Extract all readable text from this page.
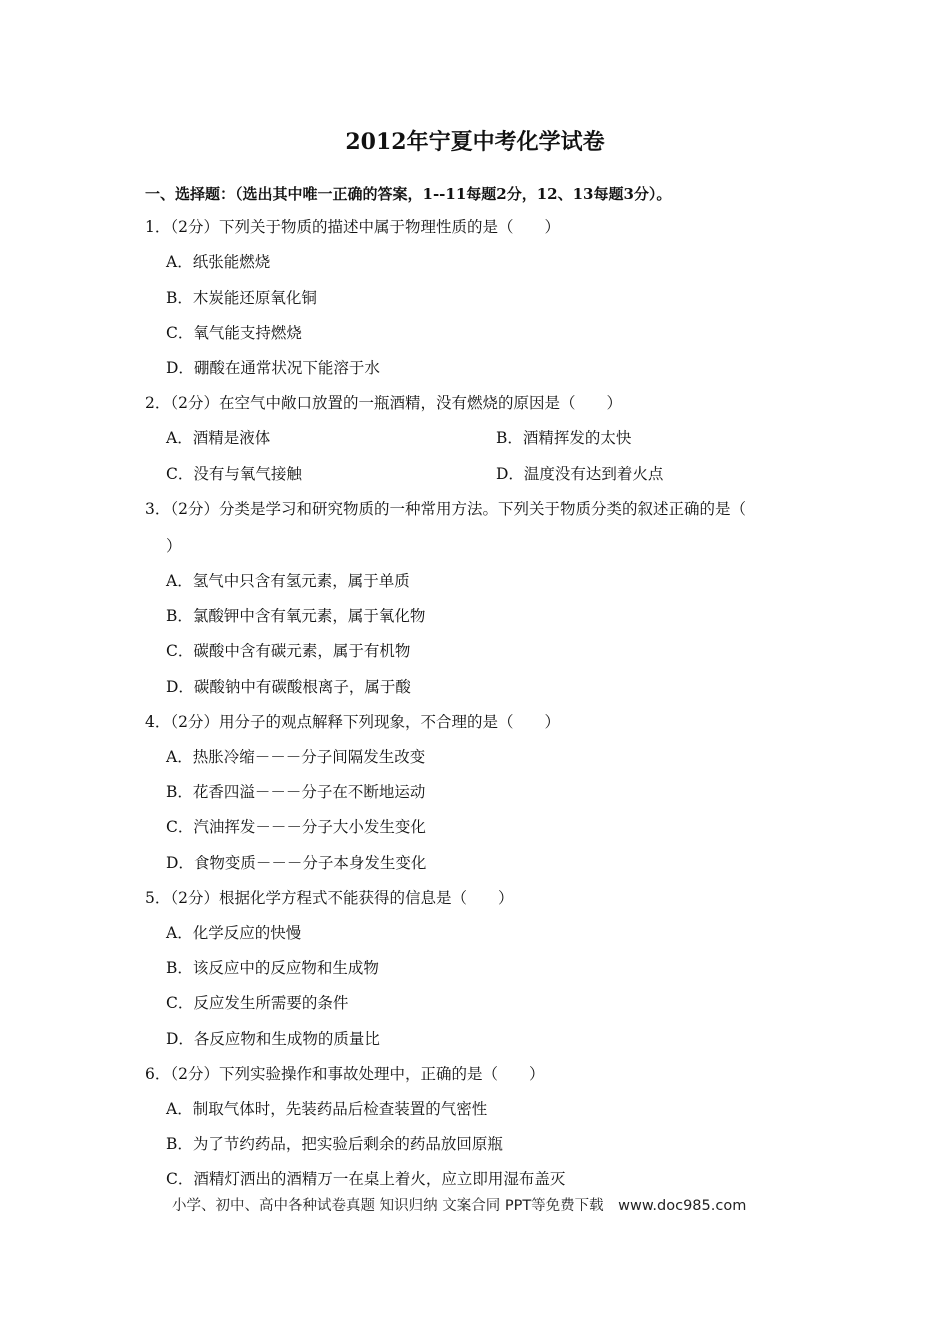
2012年宁夏中考化学试卷
一、选择题：（选出其中唯一正确的答案，1--11每题2分，12、13每题3分）。
1．（2分）下列关于物质的描述中属于物理性质的是（　　）
A．纸张能燃烧
B．木炭能还原氧化铜
C．氧气能支持燃烧
D．硼酸在通常状况下能溶于水
2．（2分）在空气中敞口放置的一瓶酒精，没有燃烧的原因是（　　）
A．酒精是液体	B．酒精挥发的太快
C．没有与氧气接触	D．温度没有达到着火点
3．（2分）分类是学习和研究物质的一种常用方法。下列关于物质分类的叙述正确的是（
）
A．氢气中只含有氢元素，属于单质
B．氯酸钾中含有氧元素，属于氧化物
C．碳酸中含有碳元素，属于有机物
D．碳酸钠中有碳酸根离子，属于酸
4．（2分）用分子的观点解释下列现象，不合理的是（　　）
A．热胀冷缩－－－分子间隔发生改变
B．花香四溢－－－分子在不断地运动
C．汽油挥发－－－分子大小发生变化
D．食物变质－－－分子本身发生变化
5．（2分）根据化学方程式不能获得的信息是（　　）
A．化学反应的快慢
B．该反应中的反应物和生成物
C．反应发生所需要的条件
D．各反应物和生成物的质量比
6．（2分）下列实验操作和事故处理中，正确的是（　　）
A．制取气体时，先装药品后检查装置的气密性
B．为了节约药品，把实验后剩余的药品放回原瓶
C．酒精灯洒出的酒精万一在桌上着火，应立即用湿布盖灭
小学、初中、高中各种试卷真题 知识归纳 文案合同 PPT等免费下载　www.doc985.com
